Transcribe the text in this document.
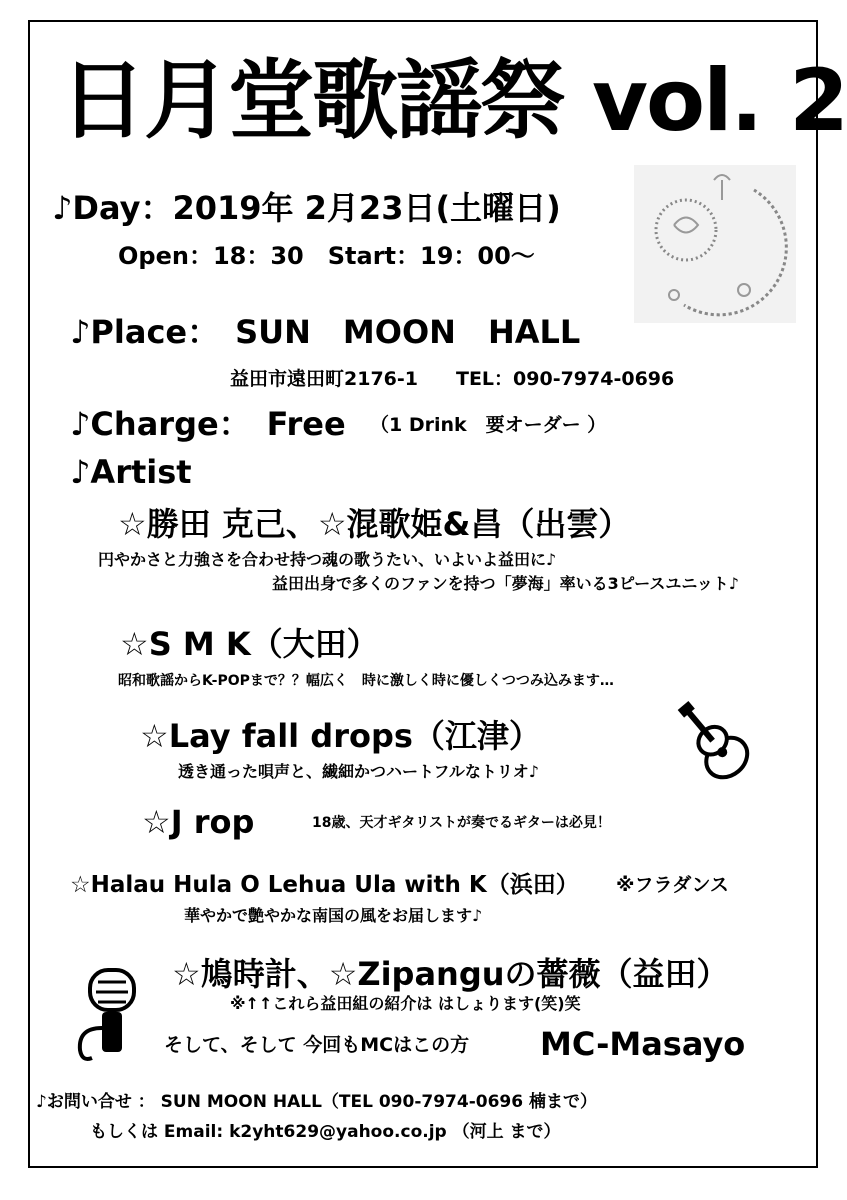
日月堂歌謡祭 vol. 2
♪Day：2019年 2月23日(土曜日)
Open：18：30　Start：19：00〜
♪Place：　SUN　MOON　HALL
益田市遠田町2176-1　　TEL：090-7974-0696
♪Charge：　Free （1 Drink　要オーダー ）
♪Artist
☆勝田 克己、☆混歌姫&昌（出雲）
円やかさと力強さを合わせ持つ魂の歌うたい、いよいよ益田に♪
益田出身で多くのファンを持つ「夢海」率いる3ピースユニット♪
☆S M K（大田）
昭和歌謡からK-POPまで？？幅広く　時に激しく時に優しくつつみ込みます…
☆Lay fall drops（江津）
透き通った唄声と、繊細かつハートフルなトリオ♪
☆J rop	18歳、天才ギタリストが奏でるギターは必見！
☆Halau Hula O Lehua Ula with K（浜田） ※フラダンス
華やかで艶やかな南国の風をお届します♪
☆鳩時計、☆Zipanguの薔薇（益田）
※↑↑これら益田組の紹介は はしょります(笑)笑
そして、そして 今回もMCはこの方 MC-Masayo
♪お問い合せ ： SUN MOON HALL（TEL 090-7974-0696 楠まで）
もしくは Email: k2yht629@yahoo.co.jp （河上 まで）
